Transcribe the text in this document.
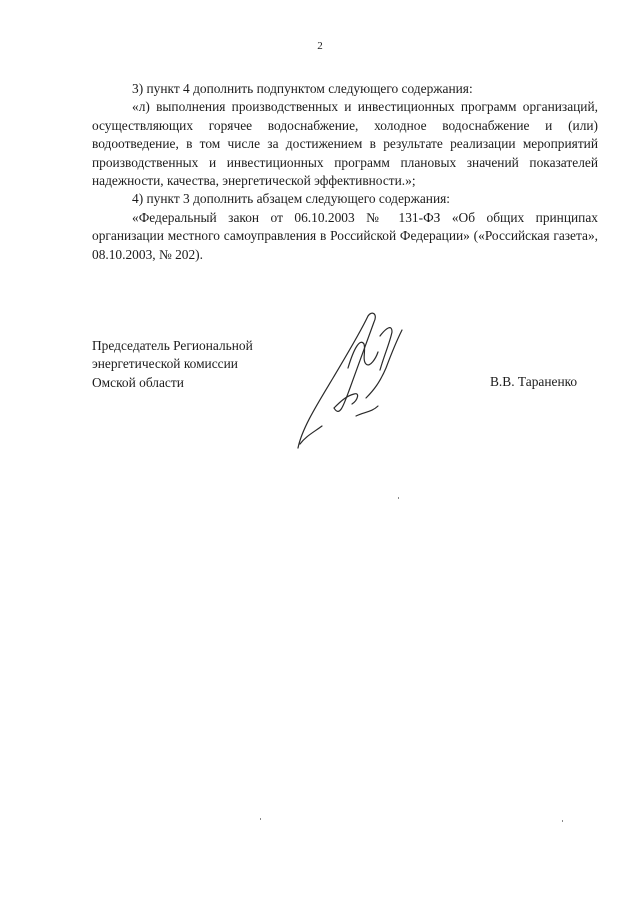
2

3) пункт 4 дополнить подпунктом следующего содержания:

«л) выполнения производственных и инвестиционных программ организаций, осуществляющих горячее водоснабжение, холодное водоснабжение и (или) водоотведение, в том числе за достижением в результате реализации мероприятий производственных и инвестиционных программ плановых значений показателей надежности, качества, энергетической эффективности.»;

4) пункт 3 дополнить абзацем следующего содержания:

«Федеральный закон от 06.10.2003 № 131-ФЗ «Об общих принципах организации местного самоуправления в Российской Федерации» («Российская газета», 08.10.2003, № 202).

Председатель Региональной
энергетической комиссии
Омской области	В.В. Тараненко
